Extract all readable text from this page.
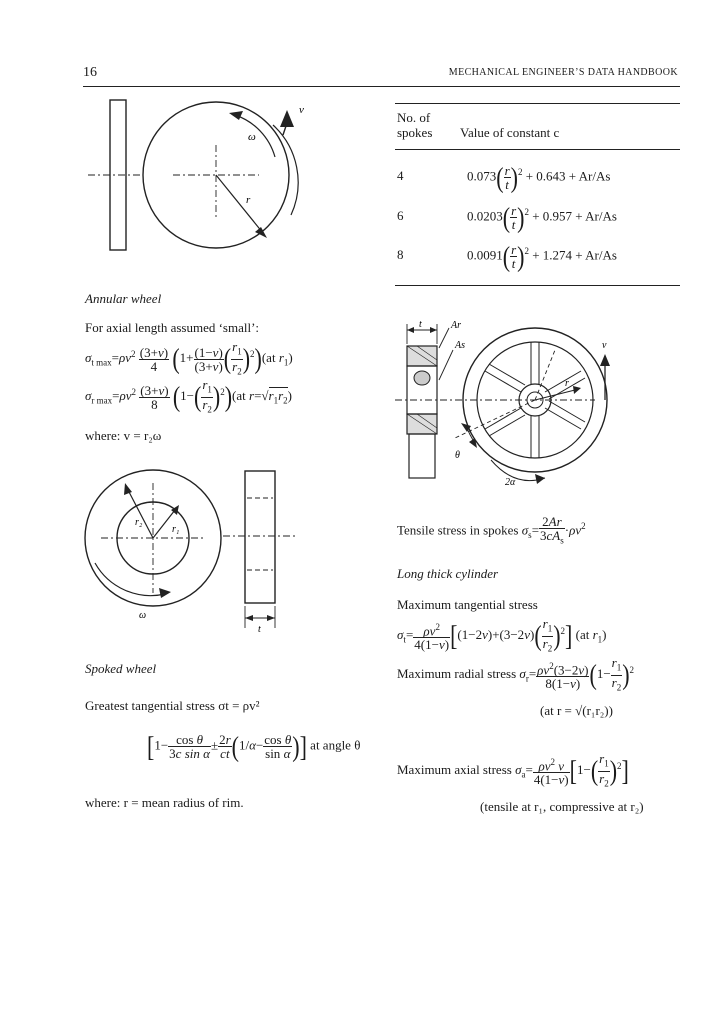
16	MECHANICAL ENGINEER’S DATA HANDBOOK
v
ω
r
Annular wheel
For axial length assumed ‘small’:
$\sigma_{t max}=\rho v^2 \frac{(3+\nu)}{4} (1+ \frac{(1-\nu)}{(3+\nu)}$ ( $\frac{r_1}{r_2} )^2)(at$ $r_1$)
$\sigma_{r max}=\rho v^2 \frac{(3+\nu)}{8} (1-( \frac{r_1}{r_2} )^2)(at$ $r=√r_1r_2$)
where: v = r₂ω
r₂
r₁
ω
t
Spoked wheel
Greatest tangential stress σt = ρv²
[$1- \frac{\text{cos θ}}{\text{3c sin α}} \pm \frac{2r}{ct} (1/\alpha- \frac{\text{cos θ}}{\text{sin α}}$ )] at angle θ
where: r = mean radius of rim.
No. of
spokes Value of constant c
4	$0.073( \frac{r}{t} )^2 + 0.643 + Ar/As$
6	$0.0203( \frac{r}{t} )^2 + 0.957 + Ar/As$
8	$0.0091( \frac{r}{t} )^2 + 1.274 + Ar/As$
t	Ar
As
r
v
θ
2α
Tensile stress in spokes $\sigma_s= \frac{2Ar}{3cA_s} \cdot\rho v^2$
Long thick cylinder
Maximum tangential stress
$\sigma_t= \frac{\rho v^2}{4(1-\nu)} [(1-2\nu)+(3-2\nu)( \frac{r_1}{r_2} )^2]$ (at $r_1$)
Maximum radial stress $\sigma_r= \frac{\rho v^2(3-2\nu)}{8(1-\nu)} (1- \frac{r_1}{r_2} )^2$
(at r = √(r₁r₂))
Maximum axial stress $\sigma_a= \frac{\rho v^2 \nu}{4(1-\nu)} [1-( \frac{r_1}{r_2} )^2]$
(tensile at r₁, compressive at r₂)
